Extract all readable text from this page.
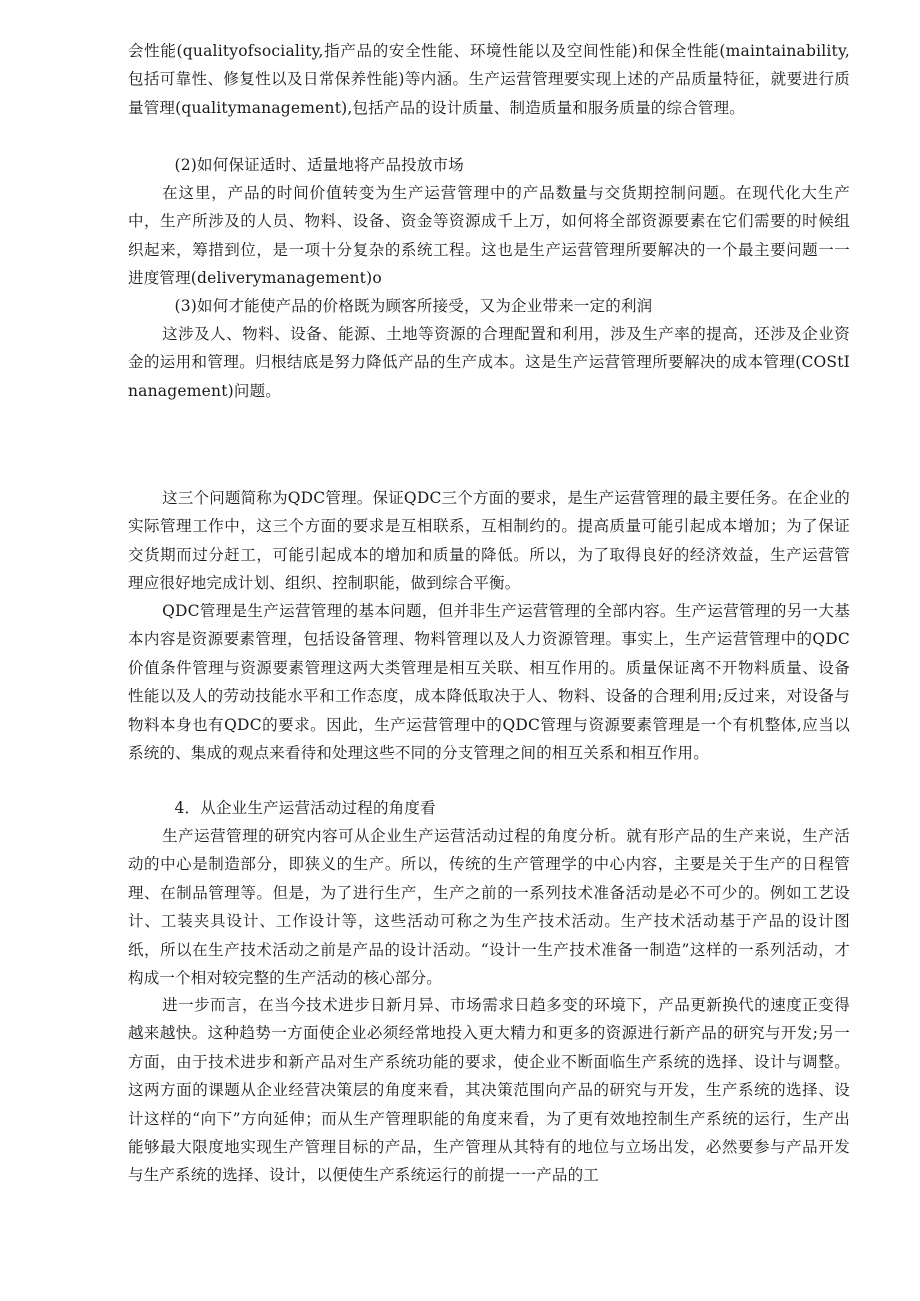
会性能(qualityofsociality,指产品的安全性能、环境性能以及空间性能)和保全性能(maintainability,包括可靠性、修复性以及日常保养性能)等内涵。生产运营管理要实现上述的产品质量特征，就要进行质量管理(qualitymanagement),包括产品的设计质量、制造质量和服务质量的综合管理。

(2)如何保证适时、适量地将产品投放市场

在这里，产品的时间价值转变为生产运营管理中的产品数量与交货期控制问题。在现代化大生产中，生产所涉及的人员、物料、设备、资金等资源成千上万，如何将全部资源要素在它们需要的时候组织起来，筹措到位，是一项十分复杂的系统工程。这也是生产运营管理所要解决的一个最主要问题一一进度管理(deliverymanagement)o

(3)如何才能使产品的价格既为顾客所接受，又为企业带来一定的利润

这涉及人、物料、设备、能源、土地等资源的合理配置和利用，涉及生产率的提高，还涉及企业资金的运用和管理。归根结底是努力降低产品的生产成本。这是生产运营管理所要解决的成本管理(COStInanagement)问题。

这三个问题简称为QDC管理。保证QDC三个方面的要求，是生产运营管理的最主要任务。在企业的实际管理工作中，这三个方面的要求是互相联系，互相制约的。提高质量可能引起成本增加；为了保证交货期而过分赶工，可能引起成本的增加和质量的降低。所以，为了取得良好的经济效益，生产运营管理应很好地完成计划、组织、控制职能，做到综合平衡。

QDC管理是生产运营管理的基本问题，但并非生产运营管理的全部内容。生产运营管理的另一大基本内容是资源要素管理，包括设备管理、物料管理以及人力资源管理。事实上，生产运营管理中的QDC价值条件管理与资源要素管理这两大类管理是相互关联、相互作用的。质量保证离不开物料质量、设备性能以及人的劳动技能水平和工作态度，成本降低取决于人、物料、设备的合理利用;反过来，对设备与物料本身也有QDC的要求。因此，生产运营管理中的QDC管理与资源要素管理是一个有机整体,应当以系统的、集成的观点来看待和处理这些不同的分支管理之间的相互关系和相互作用。

4．从企业生产运营活动过程的角度看

生产运营管理的研究内容可从企业生产运营活动过程的角度分析。就有形产品的生产来说，生产活动的中心是制造部分，即狭义的生产。所以，传统的生产管理学的中心内容，主要是关于生产的日程管理、在制品管理等。但是，为了进行生产，生产之前的一系列技术准备活动是必不可少的。例如工艺设计、工装夹具设计、工作设计等，这些活动可称之为生产技术活动。生产技术活动基于产品的设计图纸，所以在生产技术活动之前是产品的设计活动。“设计一生产技术准备一制造”这样的一系列活动，才构成一个相对较完整的生产活动的核心部分。

进一步而言，在当今技术进步日新月异、市场需求日趋多变的环境下，产品更新换代的速度正变得越来越快。这种趋势一方面使企业必须经常地投入更大精力和更多的资源进行新产品的研究与开发;另一方面，由于技术进步和新产品对生产系统功能的要求，使企业不断面临生产系统的选择、设计与调整。这两方面的课题从企业经营决策层的角度来看，其决策范围向产品的研究与开发，生产系统的选择、设计这样的“向下”方向延伸；而从生产管理职能的角度来看，为了更有效地控制生产系统的运行，生产出能够最大限度地实现生产管理目标的产品，生产管理从其特有的地位与立场出发，必然要参与产品开发与生产系统的选择、设计，以便使生产系统运行的前提一一产品的工
